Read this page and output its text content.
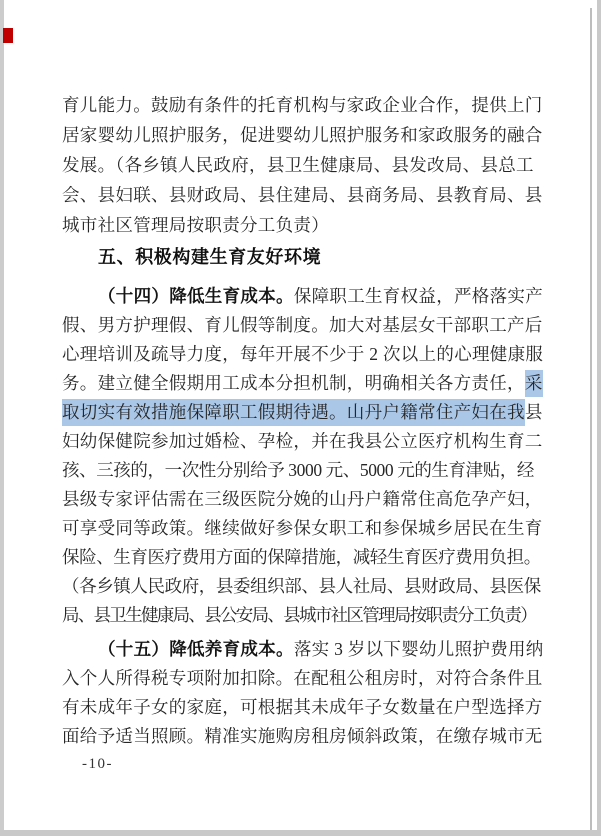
育儿能力。鼓励有条件的托育机构与家政企业合作，提供上门
居家婴幼儿照护服务，促进婴幼儿照护服务和家政服务的融合
发展。（各乡镇人民政府，县卫生健康局、县发改局、县总工
会、县妇联、县财政局、县住建局、县商务局、县教育局、县
城市社区管理局按职责分工负责）
五、积极构建生育友好环境
（十四）降低生育成本。保障职工生育权益，严格落实产
假、男方护理假、育儿假等制度。加大对基层女干部职工产后
心理培训及疏导力度，每年开展不少于 2 次以上的心理健康服
务。建立健全假期用工成本分担机制，明确相关各方责任，采
取切实有效措施保障职工假期待遇。山丹户籍常住产妇在我县
妇幼保健院参加过婚检、孕检，并在我县公立医疗机构生育二
孩、三孩的，一次性分别给予 3000 元、5000 元的生育津贴，经
县级专家评估需在三级医院分娩的山丹户籍常住高危孕产妇，
可享受同等政策。继续做好参保女职工和参保城乡居民在生育
保险、生育医疗费用方面的保障措施，减轻生育医疗费用负担。
（各乡镇人民政府，县委组织部、县人社局、县财政局、县医保
局、县卫生健康局、县公安局、县城市社区管理局按职责分工负责）
（十五）降低养育成本。落实 3 岁以下婴幼儿照护费用纳
入个人所得税专项附加扣除。在配租公租房时，对符合条件且
有未成年子女的家庭，可根据其未成年子女数量在户型选择方
面给予适当照顾。精准实施购房租房倾斜政策，在缴存城市无
-10-
